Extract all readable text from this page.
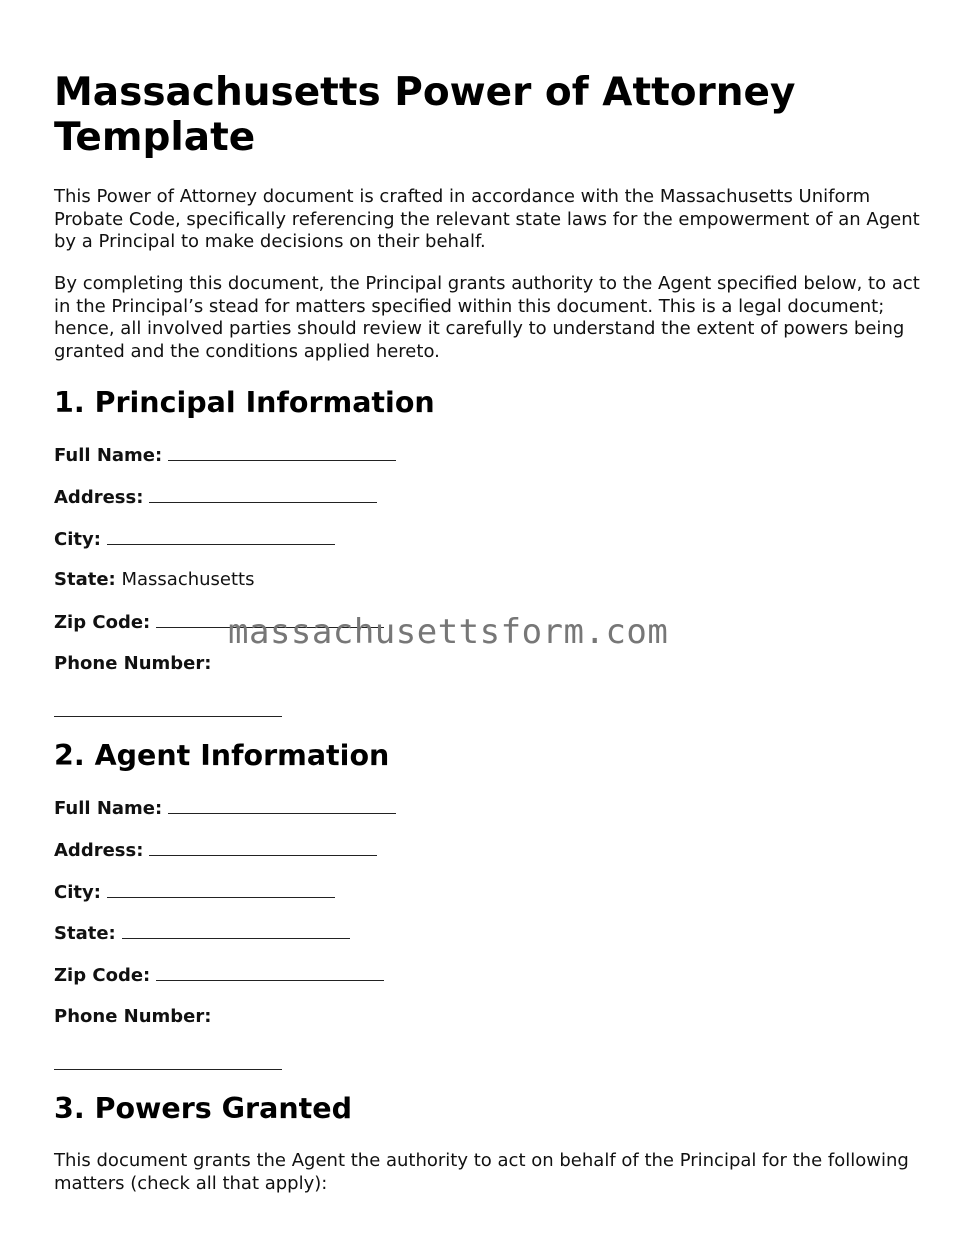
Massachusetts Power of Attorney Template

This Power of Attorney document is crafted in accordance with the Massachusetts Uniform Probate Code, specifically referencing the relevant state laws for the empowerment of an Agent by a Principal to make decisions on their behalf.

By completing this document, the Principal grants authority to the Agent specified below, to act in the Principal’s stead for matters specified within this document. This is a legal document; hence, all involved parties should review it carefully to understand the extent of powers being granted and the conditions applied hereto.

1. Principal Information
Full Name:
Address:
City:
State: Massachusetts
Zip Code:
Phone Number:
2. Agent Information
Full Name:
Address:
City:
State:
Zip Code:
Phone Number:
3. Powers Granted

This document grants the Agent the authority to act on behalf of the Principal for the following matters (check all that apply):

massachusettsform.com
